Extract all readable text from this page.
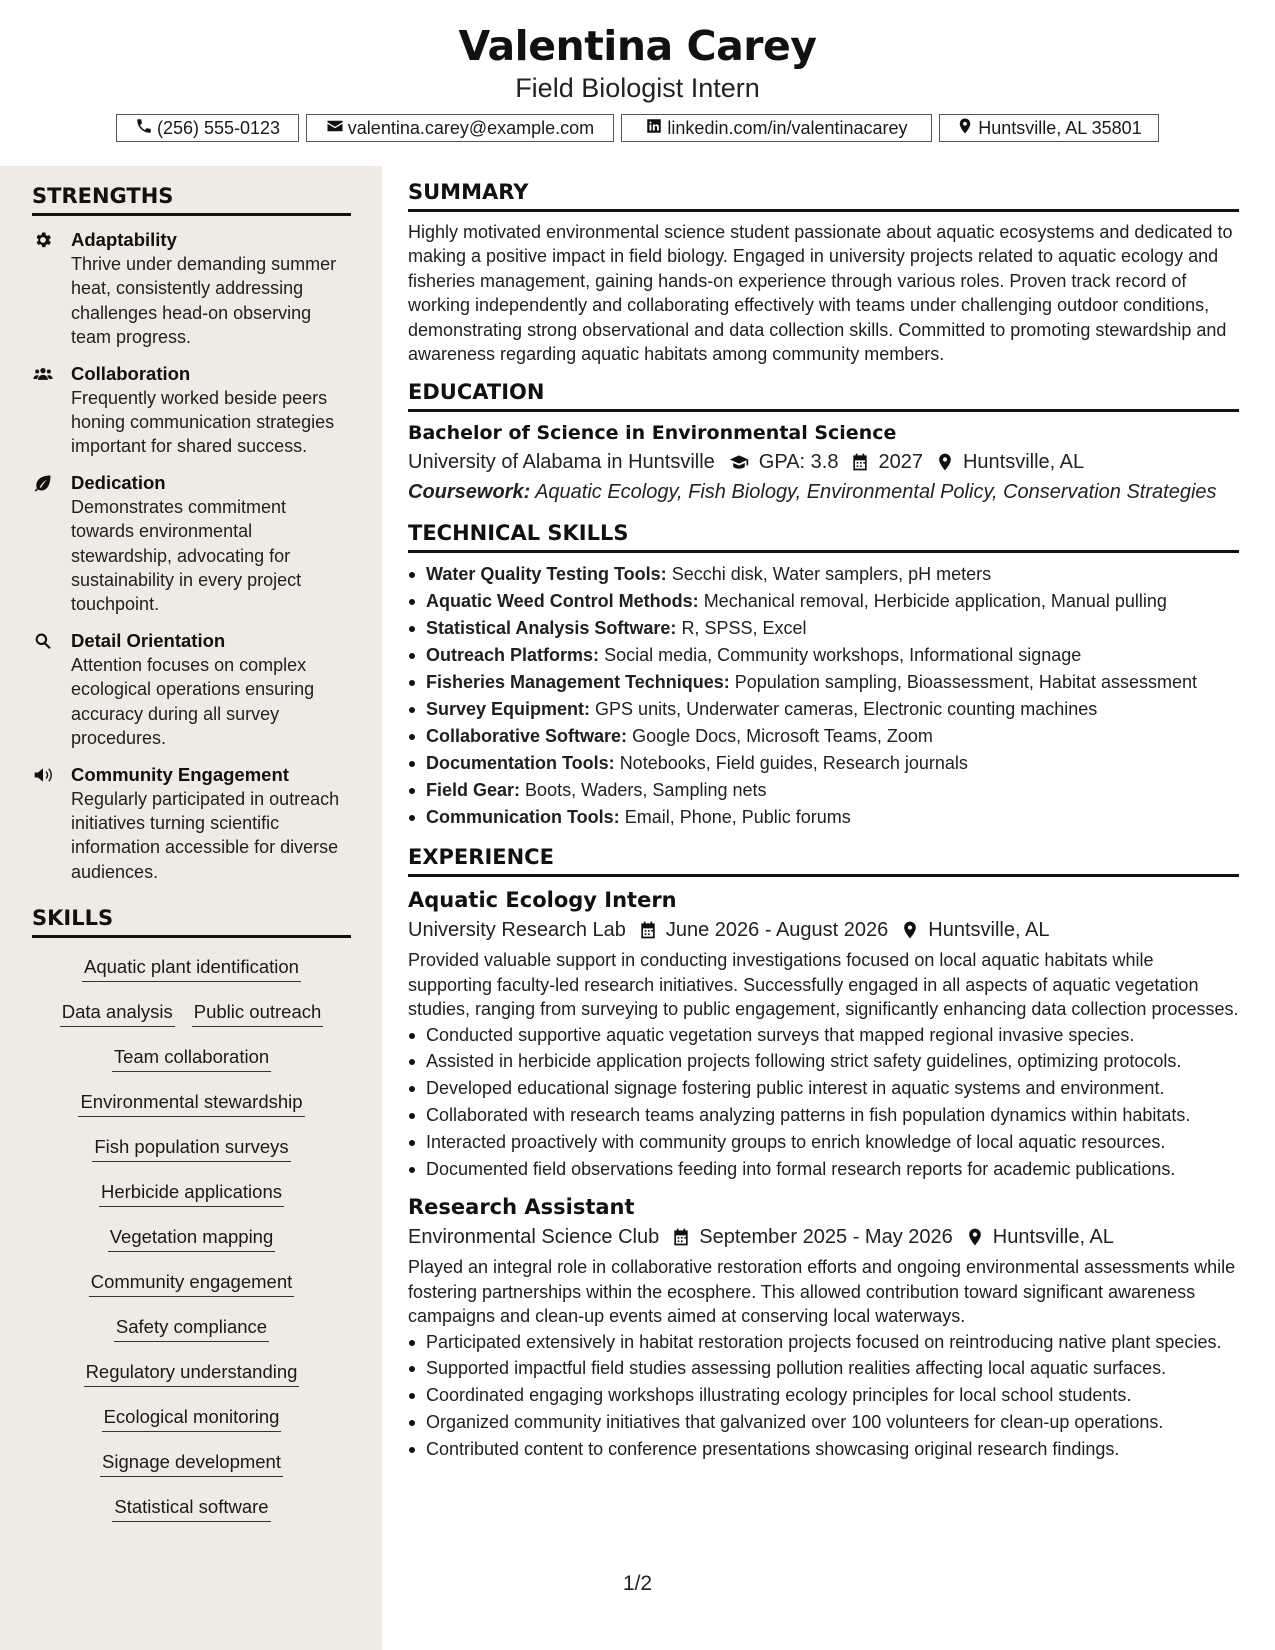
Valentina Carey
Field Biologist Intern
(256) 555-0123	valentina.carey@example.com	linkedin.com/in/valentinacarey	Huntsville, AL 35801
STRENGTHS
Adaptability
Thrive under demanding summer heat, consistently addressing challenges head-on observing team progress.
Collaboration
Frequently worked beside peers honing communication strategies important for shared success.
Dedication
Demonstrates commitment towards environmental stewardship, advocating for sustainability in every project touchpoint.
Detail Orientation
Attention focuses on complex ecological operations ensuring accuracy during all survey procedures.
Community Engagement
Regularly participated in outreach initiatives turning scientific information accessible for diverse audiences.
SKILLS
Aquatic plant identification
Data analysis Public outreach
Team collaboration
Environmental stewardship
Fish population surveys
Herbicide applications
Vegetation mapping
Community engagement
Safety compliance
Regulatory understanding
Ecological monitoring
Signage development
Statistical software
SUMMARY
Highly motivated environmental science student passionate about aquatic ecosystems and dedicated to making a positive impact in field biology. Engaged in university projects related to aquatic ecology and fisheries management, gaining hands-on experience through various roles. Proven track record of working independently and collaborating effectively with teams under challenging outdoor conditions, demonstrating strong observational and data collection skills. Committed to promoting stewardship and awareness regarding aquatic habitats among community members.
EDUCATION
Bachelor of Science in Environmental Science
University of Alabama in Huntsville GPA: 3.8 2027 Huntsville, AL
Coursework: Aquatic Ecology, Fish Biology, Environmental Policy, Conservation Strategies
TECHNICAL SKILLS
Water Quality Testing Tools: Secchi disk, Water samplers, pH meters
Aquatic Weed Control Methods: Mechanical removal, Herbicide application, Manual pulling
Statistical Analysis Software: R, SPSS, Excel
Outreach Platforms: Social media, Community workshops, Informational signage
Fisheries Management Techniques: Population sampling, Bioassessment, Habitat assessment
Survey Equipment: GPS units, Underwater cameras, Electronic counting machines
Collaborative Software: Google Docs, Microsoft Teams, Zoom
Documentation Tools: Notebooks, Field guides, Research journals
Field Gear: Boots, Waders, Sampling nets
Communication Tools: Email, Phone, Public forums
EXPERIENCE
Aquatic Ecology Intern
University Research Lab June 2026 - August 2026 Huntsville, AL
Provided valuable support in conducting investigations focused on local aquatic habitats while supporting faculty-led research initiatives. Successfully engaged in all aspects of aquatic vegetation studies, ranging from surveying to public engagement, significantly enhancing data collection processes.
Conducted supportive aquatic vegetation surveys that mapped regional invasive species.
Assisted in herbicide application projects following strict safety guidelines, optimizing protocols.
Developed educational signage fostering public interest in aquatic systems and environment.
Collaborated with research teams analyzing patterns in fish population dynamics within habitats.
Interacted proactively with community groups to enrich knowledge of local aquatic resources.
Documented field observations feeding into formal research reports for academic publications.
Research Assistant
Environmental Science Club September 2025 - May 2026 Huntsville, AL
Played an integral role in collaborative restoration efforts and ongoing environmental assessments while fostering partnerships within the ecosphere. This allowed contribution toward significant awareness campaigns and clean-up events aimed at conserving local waterways.
Participated extensively in habitat restoration projects focused on reintroducing native plant species.
Supported impactful field studies assessing pollution realities affecting local aquatic surfaces.
Coordinated engaging workshops illustrating ecology principles for local school students.
Organized community initiatives that galvanized over 100 volunteers for clean-up operations.
Contributed content to conference presentations showcasing original research findings.
1/2
